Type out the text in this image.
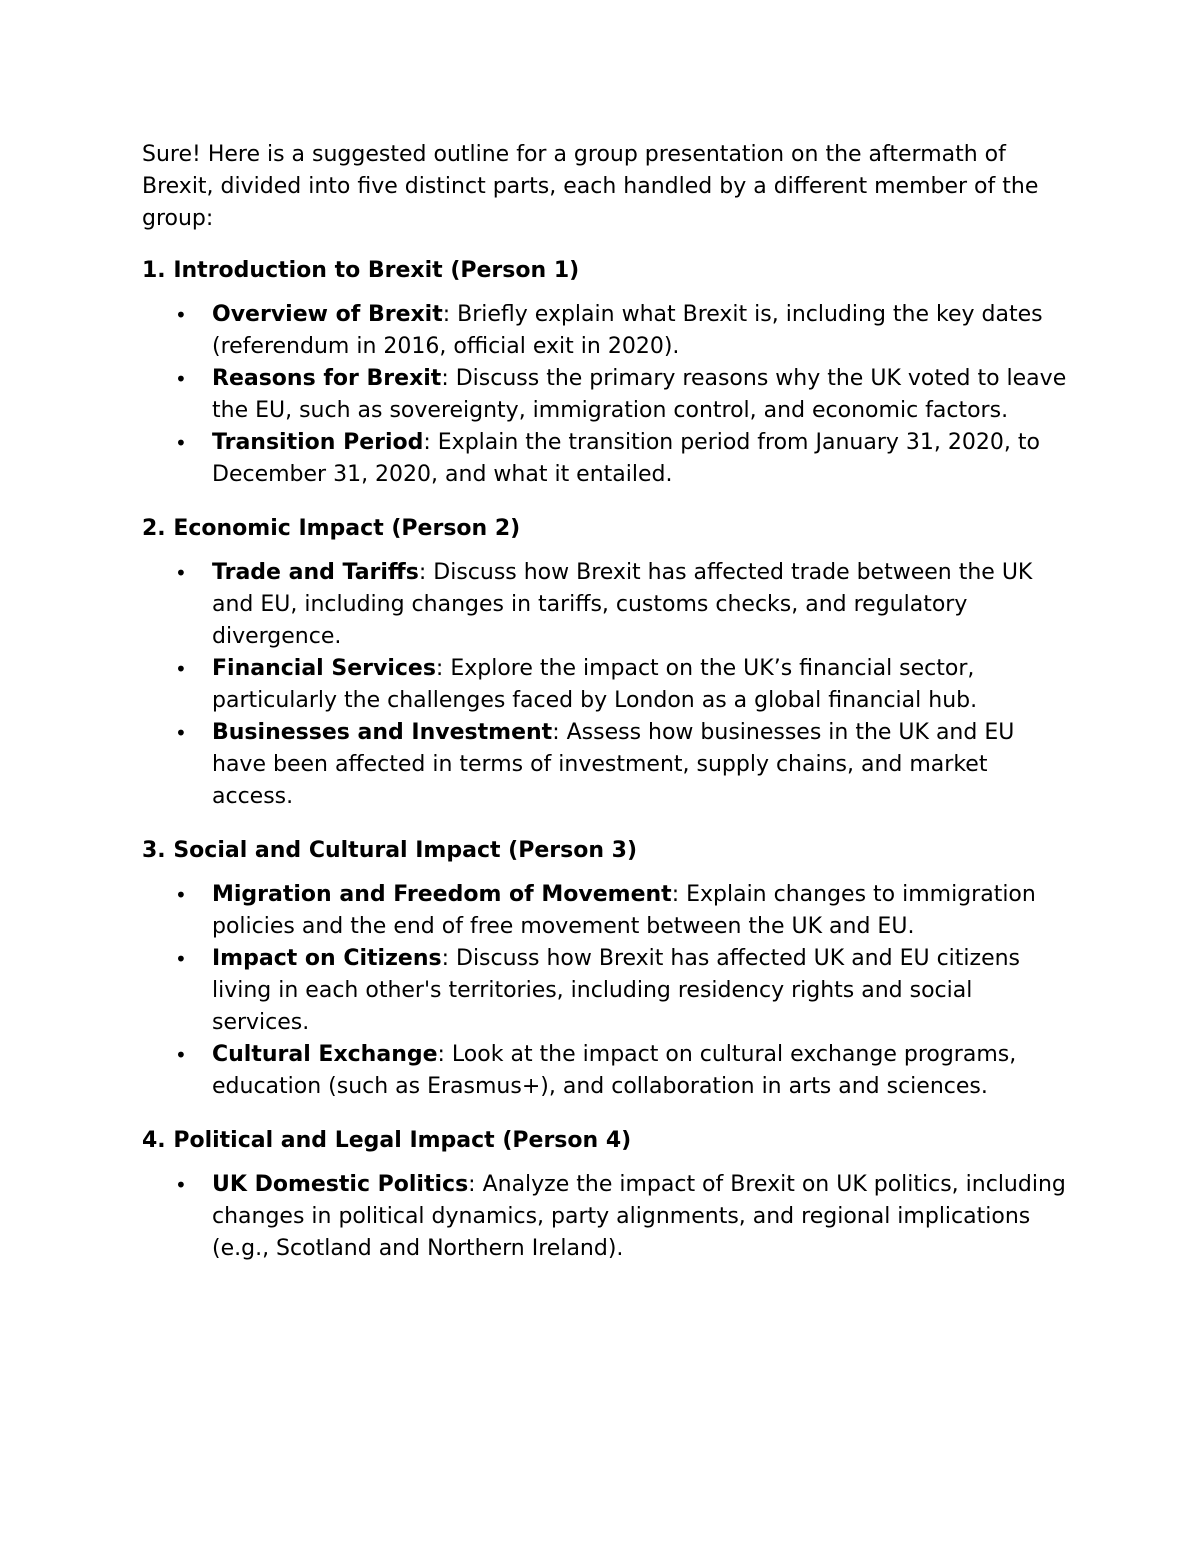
Sure! Here is a suggested outline for a group presentation on the aftermath of Brexit, divided into five distinct parts, each handled by a different member of the group:

1. Introduction to Brexit (Person 1)
• Overview of Brexit: Briefly explain what Brexit is, including the key dates (referendum in 2016, official exit in 2020).
• Reasons for Brexit: Discuss the primary reasons why the UK voted to leave the EU, such as sovereignty, immigration control, and economic factors.
• Transition Period: Explain the transition period from January 31, 2020, to December 31, 2020, and what it entailed.
2. Economic Impact (Person 2)
• Trade and Tariffs: Discuss how Brexit has affected trade between the UK and EU, including changes in tariffs, customs checks, and regulatory divergence.
• Financial Services: Explore the impact on the UK’s financial sector, particularly the challenges faced by London as a global financial hub.
• Businesses and Investment: Assess how businesses in the UK and EU have been affected in terms of investment, supply chains, and market access.
3. Social and Cultural Impact (Person 3)
• Migration and Freedom of Movement: Explain changes to immigration policies and the end of free movement between the UK and EU.
• Impact on Citizens: Discuss how Brexit has affected UK and EU citizens living in each other's territories, including residency rights and social services.
• Cultural Exchange: Look at the impact on cultural exchange programs, education (such as Erasmus+), and collaboration in arts and sciences.
4. Political and Legal Impact (Person 4)
• UK Domestic Politics: Analyze the impact of Brexit on UK politics, including changes in political dynamics, party alignments, and regional implications (e.g., Scotland and Northern Ireland).
